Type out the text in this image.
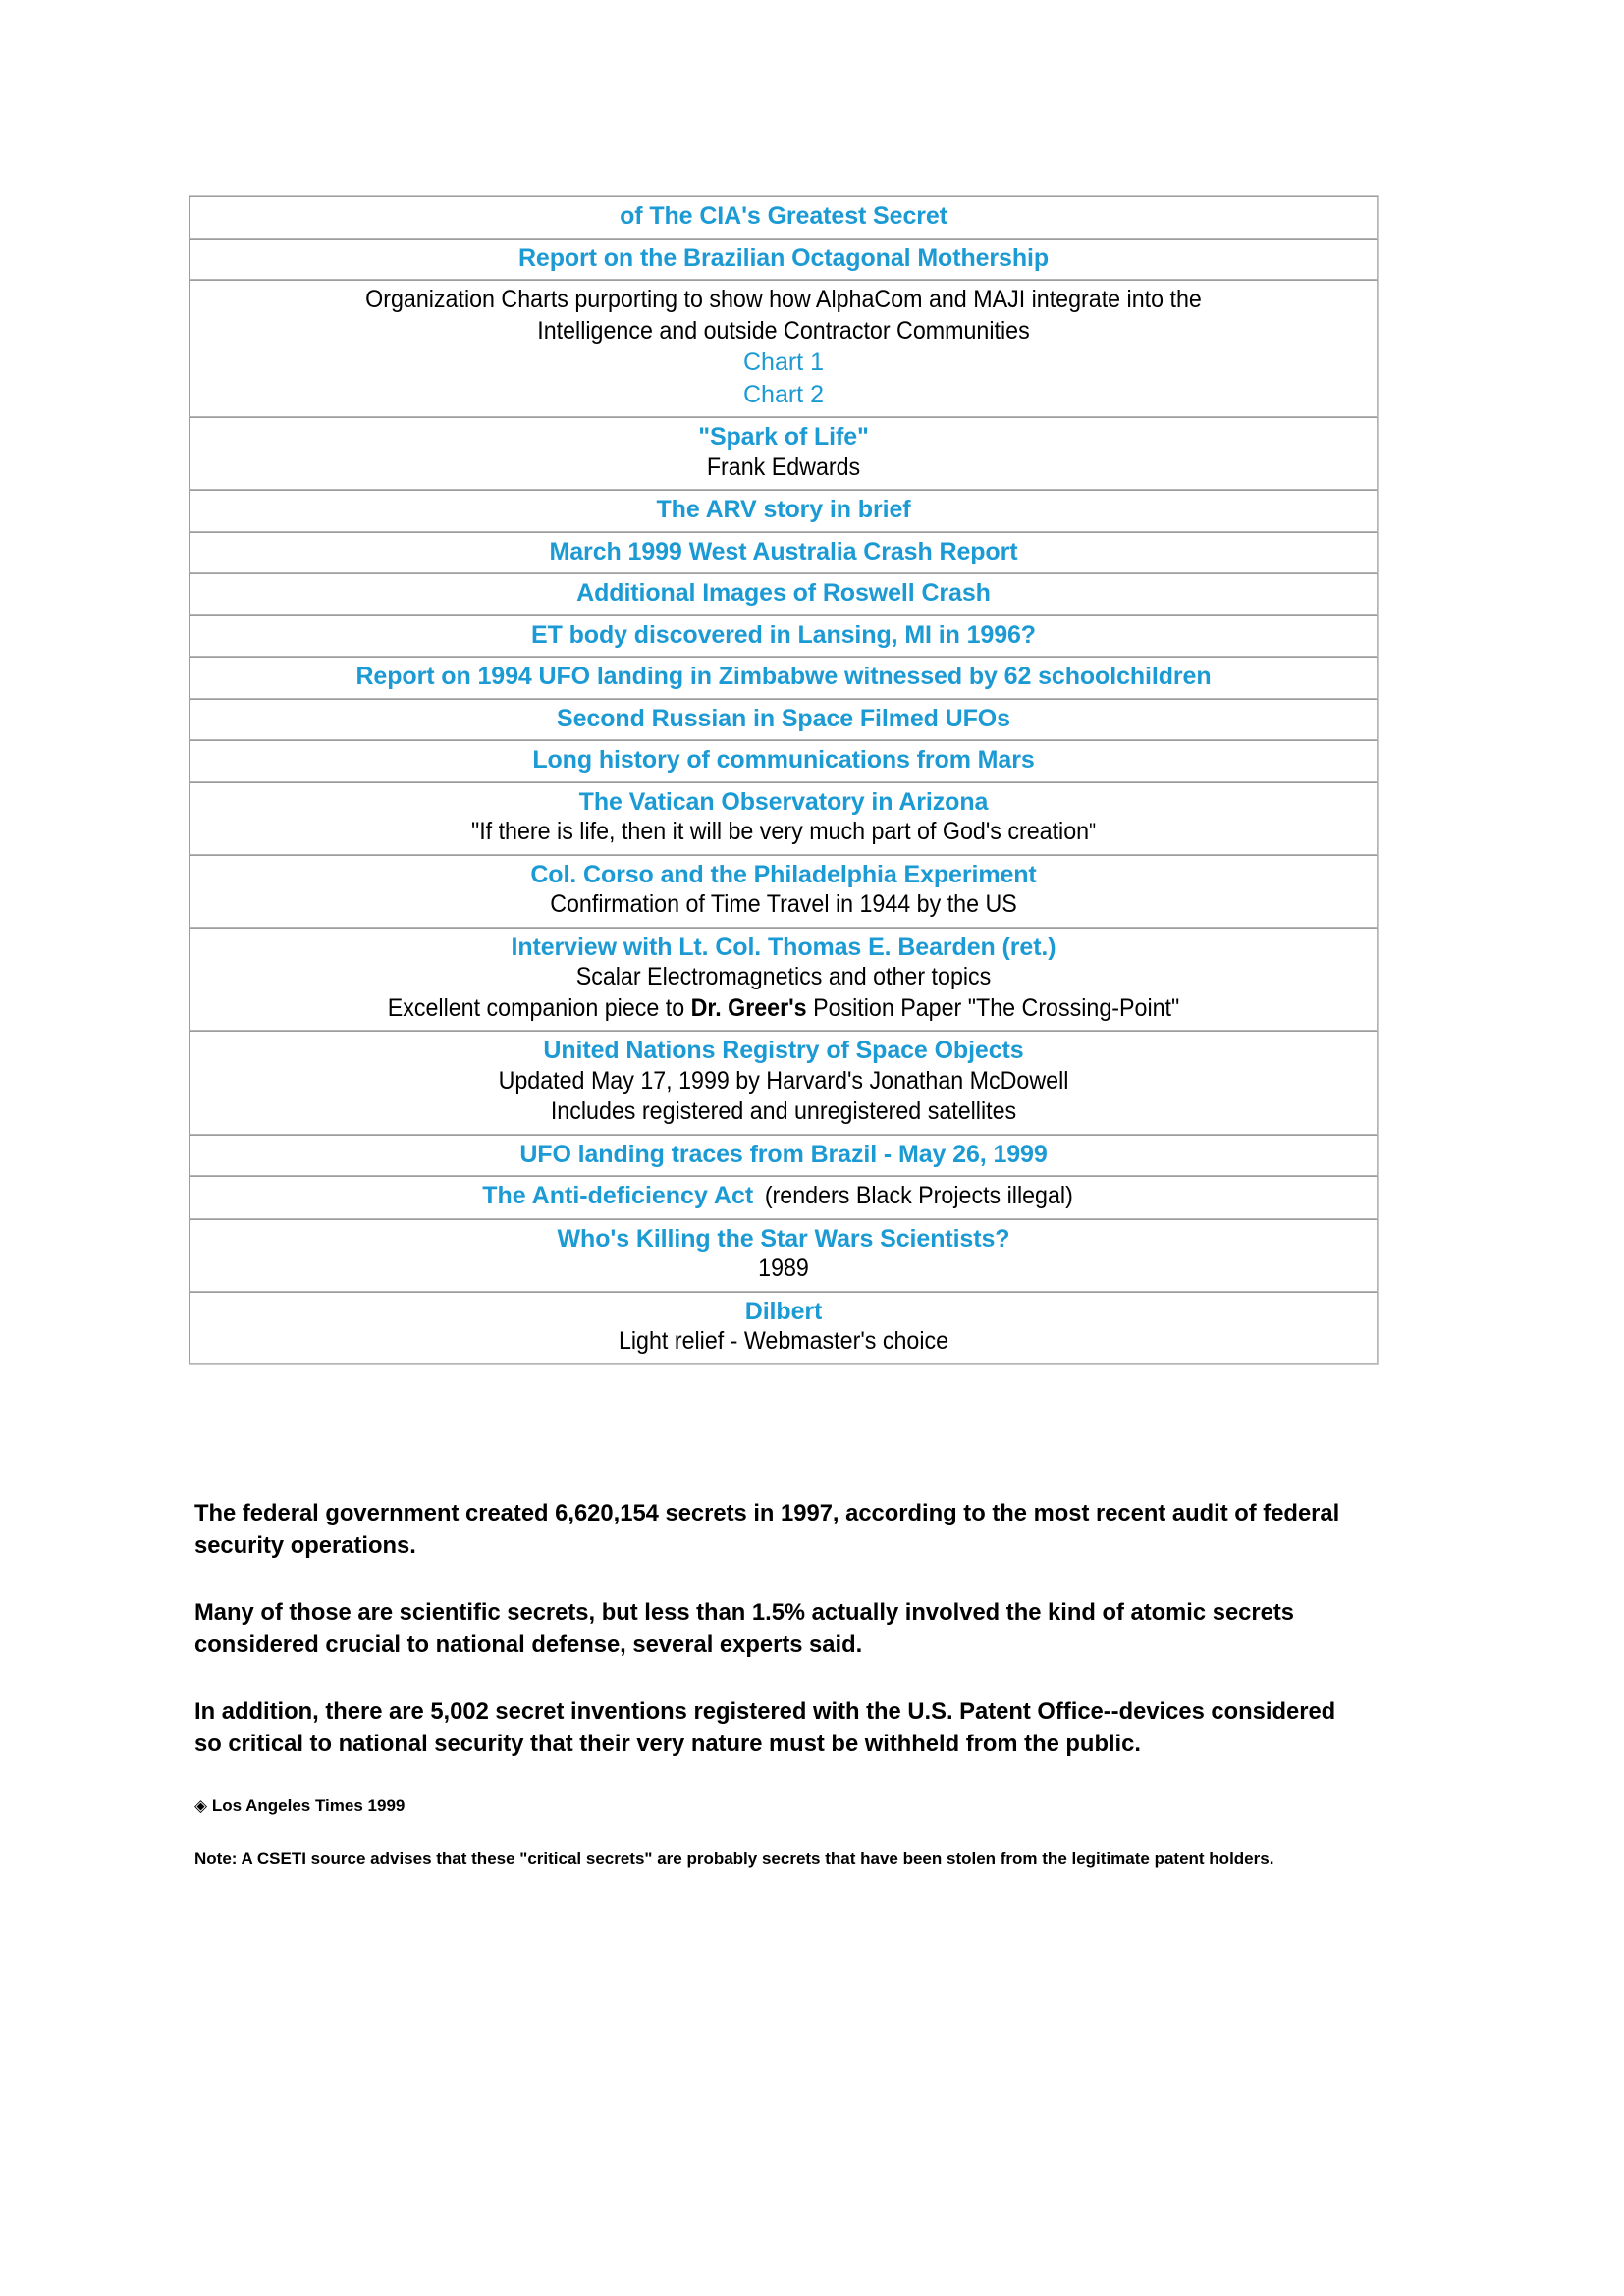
of The CIA's Greatest Secret
Report on the Brazilian Octagonal Mothership

Organization Charts purporting to show how AlphaCom and MAJI integrate into the
Intelligence and outside Contractor Communities
Chart 1
Chart 2

"Spark of Life"
Frank Edwards

The ARV story in brief
March 1999 West Australia Crash Report
Additional Images of Roswell Crash
ET body discovered in Lansing, MI in 1996?
Report on 1994 UFO landing in Zimbabwe witnessed by 62 schoolchildren
Second Russian in Space Filmed UFOs
Long history of communications from Mars
The Vatican Observatory in Arizona
"If there is life, then it will be very much part of God's creation"

Col. Corso and the Philadelphia Experiment
Confirmation of Time Travel in 1944 by the US

Interview with Lt. Col. Thomas E. Bearden (ret.)
Scalar Electromagnetics and other topics
Excellent companion piece to Dr. Greer's Position Paper "The Crossing-Point"

United Nations Registry of Space Objects
Updated May 17, 1999 by Harvard's Jonathan McDowell
Includes registered and unregistered satellites

UFO landing traces from Brazil - May 26, 1999
The Anti-deficiency Act(renders Black Projects illegal)
Who's Killing the Star Wars Scientists?
1989

Dilbert
Light relief - Webmaster's choice

The federal government created 6,620,154 secrets in 1997, according to the most recent audit of federal security operations.

Many of those are scientific secrets, but less than 1.5% actually involved the kind of atomic secrets considered crucial to national defense, several experts said.

In addition, there are 5,002 secret inventions registered with the U.S. Patent Office--devices considered so critical to national security that their very nature must be withheld from the public.

◈ Los Angeles Times 1999

Note: A CSETI source advises that these "critical secrets" are probably secrets that have been stolen from the legitimate patent holders.
